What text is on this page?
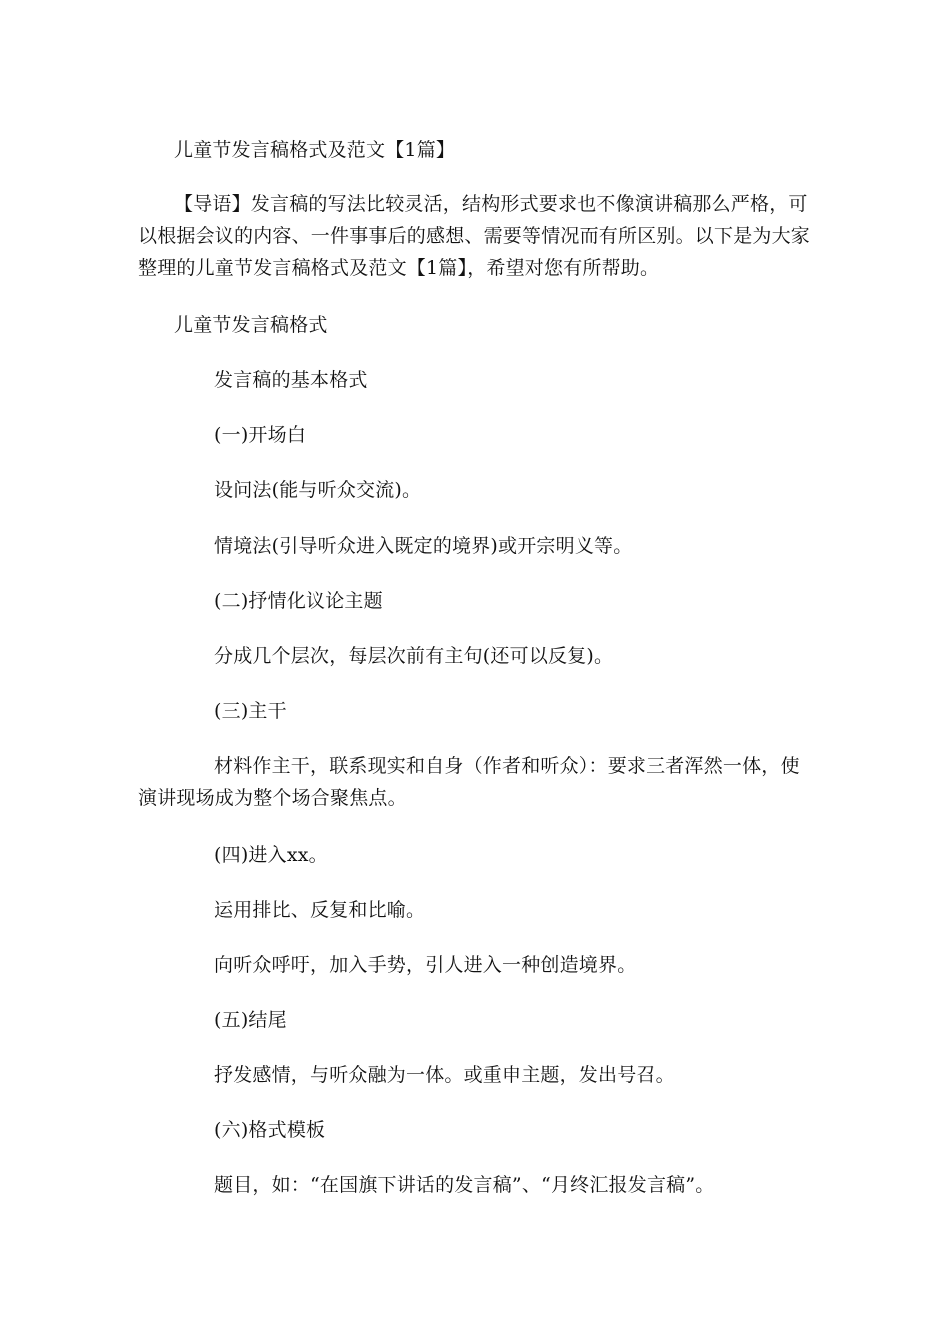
儿童节发言稿格式及范文【1篇】
【导语】发言稿的写法比较灵活，结构形式要求也不像演讲稿那么严格，可以根据会议的内容、一件事事后的感想、需要等情况而有所区别。以下是为大家整理的儿童节发言稿格式及范文【1篇】，希望对您有所帮助。
儿童节发言稿格式
发言稿的基本格式
(一)开场白
设问法(能与听众交流)。
情境法(引导听众进入既定的境界)或开宗明义等。
(二)抒情化议论主题
分成几个层次，每层次前有主句(还可以反复)。
(三)主干
材料作主干，联系现实和自身（作者和听众）：要求三者浑然一体，使演讲现场成为整个场合聚焦点。
(四)进入xx。
运用排比、反复和比喻。
向听众呼吁，加入手势，引人进入一种创造境界。
(五)结尾
抒发感情，与听众融为一体。或重申主题，发出号召。
(六)格式模板
题目，如：“在国旗下讲话的发言稿”、“月终汇报发言稿”。
